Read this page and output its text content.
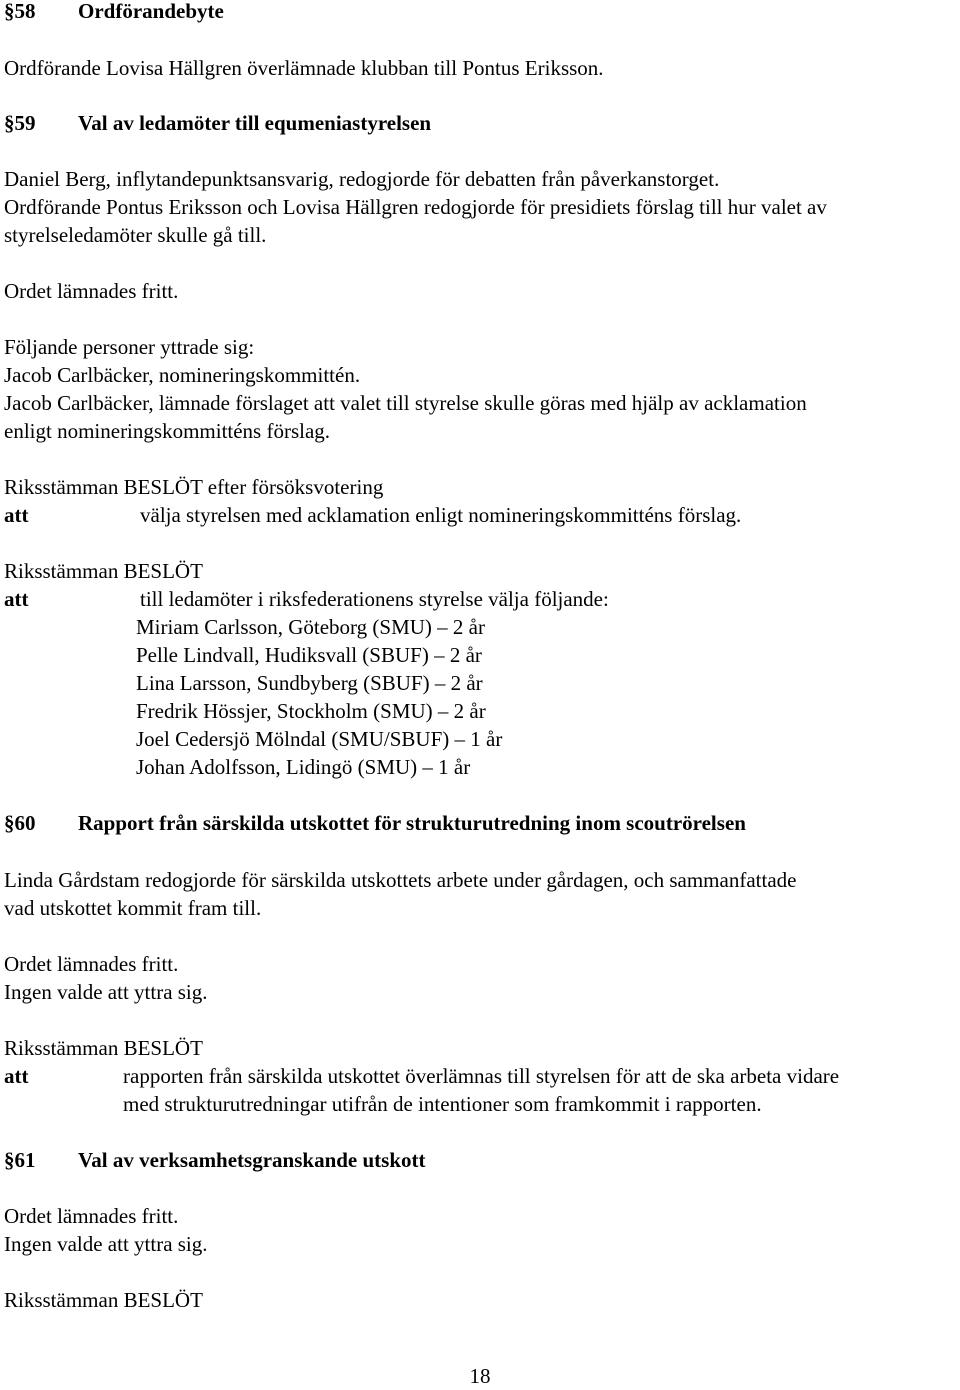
§58 Ordförandebyte
Ordförande Lovisa Hällgren överlämnade klubban till Pontus Eriksson.
§59 Val av ledamöter till equmeniastyrelsen
Daniel Berg, inflytandepunktsansvarig, redogjorde för debatten från påverkanstorget.
Ordförande Pontus Eriksson och Lovisa Hällgren redogjorde för presidiets förslag till hur valet av
styrelseledamöter skulle gå till.
Ordet lämnades fritt.
Följande personer yttrade sig:
Jacob Carlbäcker, nomineringskommittén.
Jacob Carlbäcker, lämnade förslaget att valet till styrelse skulle göras med hjälp av acklamation
enligt nomineringskommitténs förslag.
Riksstämman BESLÖT efter försöksvotering
att	välja styrelsen med acklamation enligt nomineringskommitténs förslag.
Riksstämman BESLÖT
att	till ledamöter i riksfederationens styrelse välja följande:
Miriam Carlsson, Göteborg (SMU) – 2 år
Pelle Lindvall, Hudiksvall (SBUF) – 2 år
Lina Larsson, Sundbyberg (SBUF) – 2 år
Fredrik Hössjer, Stockholm (SMU) – 2 år
Joel Cedersjö Mölndal (SMU/SBUF) – 1 år
Johan Adolfsson, Lidingö (SMU) – 1 år
§60 Rapport från särskilda utskottet för strukturutredning inom scoutrörelsen
Linda Gårdstam redogjorde för särskilda utskottets arbete under gårdagen, och sammanfattade
vad utskottet kommit fram till.
Ordet lämnades fritt.
Ingen valde att yttra sig.
Riksstämman BESLÖT
att	rapporten från särskilda utskottet överlämnas till styrelsen för att de ska arbeta vidare
med strukturutredningar utifrån de intentioner som framkommit i rapporten.
§61 Val av verksamhetsgranskande utskott
Ordet lämnades fritt.
Ingen valde att yttra sig.
Riksstämman BESLÖT
18
